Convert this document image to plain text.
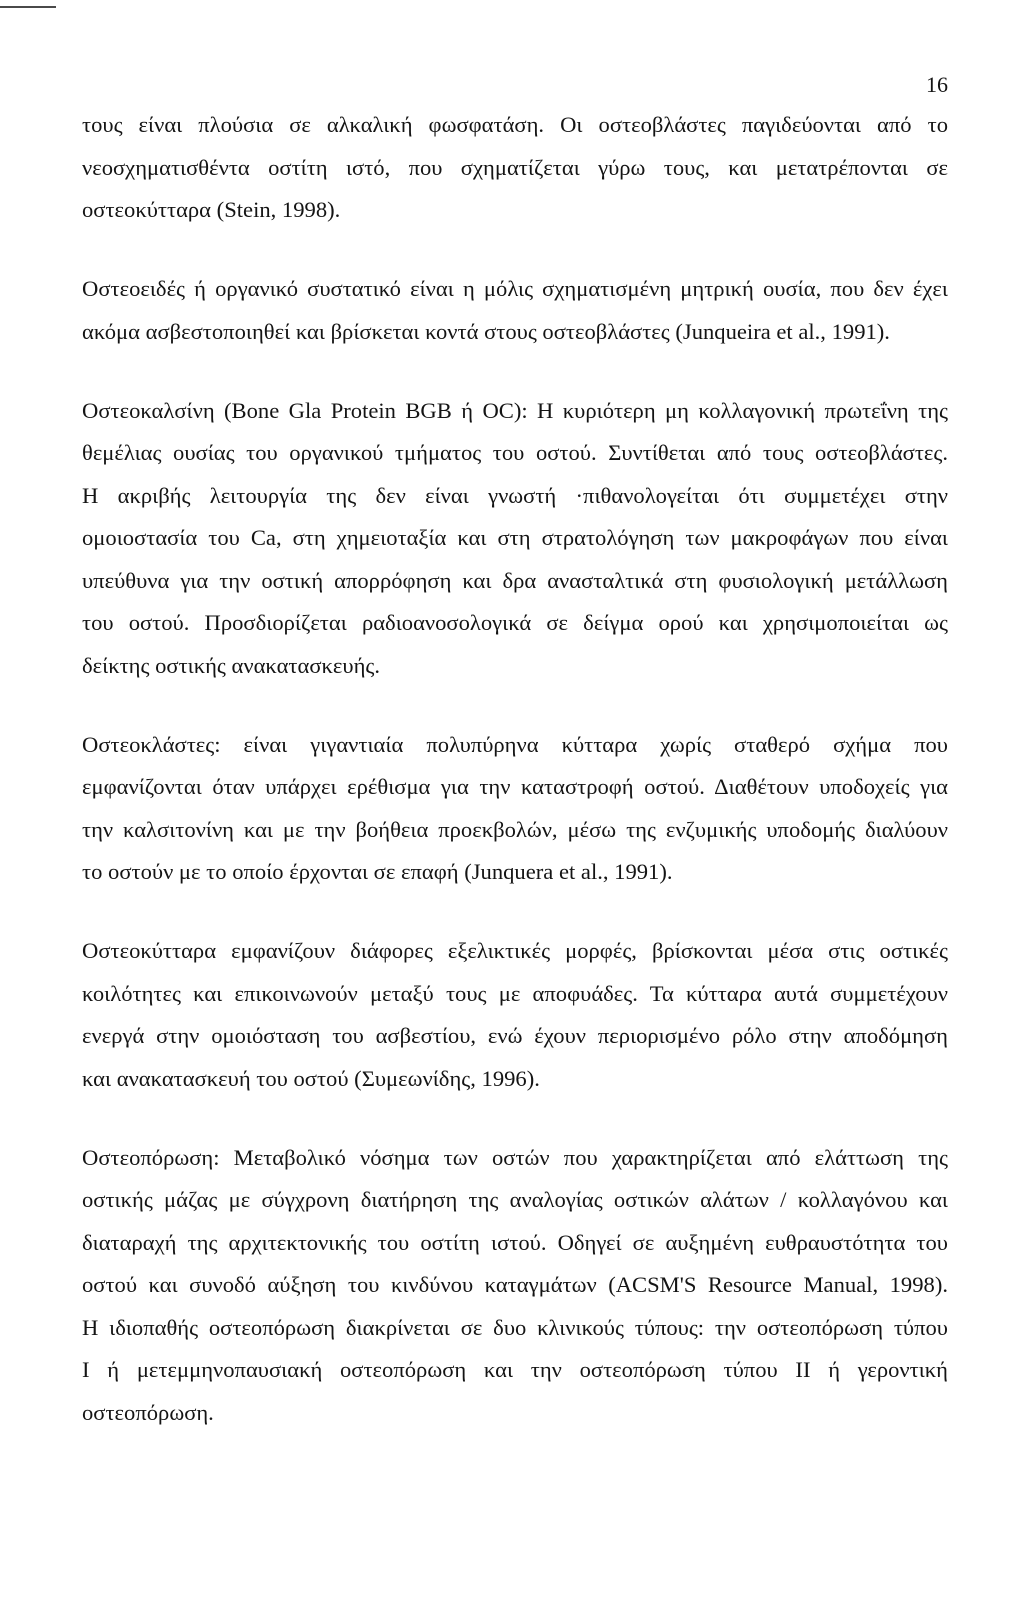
16
τους είναι πλούσια σε αλκαλική φωσφατάση. Οι οστεοβλάστες παγιδεύονται από το
νεοσχηματισθέντα οστίτη ιστό, που σχηματίζεται γύρω τους, και μετατρέπονται σε
οστεοκύτταρα (Stein, 1998).
Οστεοειδές ή οργανικό συστατικό είναι η μόλις σχηματισμένη μητρική ουσία, που δεν έχει
ακόμα ασβεστοποιηθεί και βρίσκεται κοντά στους οστεοβλάστες (Junqueira et al., 1991).
Οστεοκαλσίνη (Bone Gla Protein BGB ή OC): Η κυριότερη μη κολλαγονική πρωτεΐνη της
θεμέλιας ουσίας του οργανικού τμήματος του οστού. Συντίθεται από τους οστεοβλάστες.
Η ακριβής λειτουργία της δεν είναι γνωστή ·πιθανολογείται ότι συμμετέχει στην
ομοιοστασία του Ca, στη χημειοταξία και στη στρατολόγηση των μακροφάγων που είναι
υπεύθυνα για την οστική απορρόφηση και δρα ανασταλτικά στη φυσιολογική μετάλλωση
του οστού. Προσδιορίζεται ραδιοανοσολογικά σε δείγμα ορού και χρησιμοποιείται ως
δείκτης οστικής ανακατασκευής.
Οστεοκλάστες: είναι γιγαντιαία πολυπύρηνα κύτταρα χωρίς σταθερό σχήμα που
εμφανίζονται όταν υπάρχει ερέθισμα για την καταστροφή οστού. Διαθέτουν υποδοχείς για
την καλσιτονίνη και με την βοήθεια προεκβολών, μέσω της ενζυμικής υποδομής διαλύουν
το οστούν με το οποίο έρχονται σε επαφή (Junquera et al., 1991).
Οστεοκύτταρα εμφανίζουν διάφορες εξελικτικές μορφές, βρίσκονται μέσα στις οστικές
κοιλότητες και επικοινωνούν μεταξύ τους με αποφυάδες. Τα κύτταρα αυτά συμμετέχουν
ενεργά στην ομοιόσταση του ασβεστίου, ενώ έχουν περιορισμένο ρόλο στην αποδόμηση
και ανακατασκευή του οστού (Συμεωνίδης, 1996).
Οστεοπόρωση: Μεταβολικό νόσημα των οστών που χαρακτηρίζεται από ελάττωση της
οστικής μάζας με σύγχρονη διατήρηση της αναλογίας οστικών αλάτων / κολλαγόνου και
διαταραχή της αρχιτεκτονικής του οστίτη ιστού. Οδηγεί σε αυξημένη ευθραυστότητα του
οστού και συνοδό αύξηση του κινδύνου καταγμάτων (ACSM'S Resource Manual, 1998).
Η ιδιοπαθής οστεοπόρωση διακρίνεται σε δυο κλινικούς τύπους: την οστεοπόρωση τύπου
I ή μετεμμηνοπαυσιακή οστεοπόρωση και την οστεοπόρωση τύπου II ή γεροντική
οστεοπόρωση.
